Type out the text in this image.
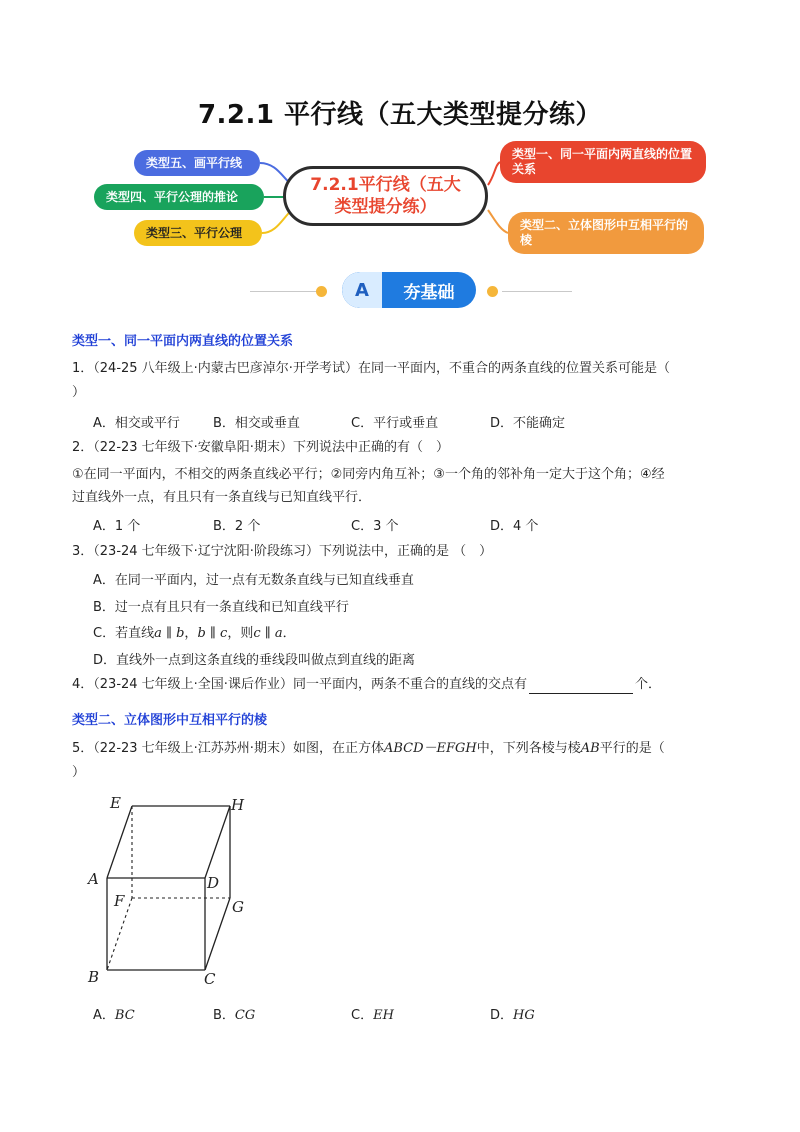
7.2.1 平行线（五大类型提分练）
类型五、画平行线
类型四、平行公理的推论
类型三、平行公理
7.2.1平行线（五大类型提分练）
类型一、同一平面内两直线的位置关系
类型二、立体图形中互相平行的棱
A	夯基础
类型一、同一平面内两直线的位置关系
1．（24-25 八年级上·内蒙古巴彦淖尔·开学考试）在同一平面内，不重合的两条直线的位置关系可能是（
）
A．相交或平行	B．相交或垂直	C．平行或垂直	D．不能确定
2．（22-23 七年级下·安徽阜阳·期末）下列说法中正确的有（　）
①在同一平面内，不相交的两条直线必平行；②同旁内角互补；③一个角的邻补角一定大于这个角；④经
过直线外一点，有且只有一条直线与已知直线平行．
A．1 个	B．2 个	C．3 个	D．4 个
3．（23-24 七年级下·辽宁沈阳·阶段练习）下列说法中，正确的是 （　）
A．在同一平面内，过一点有无数条直线与已知直线垂直
B．过一点有且只有一条直线和已知直线平行
C．若直线a ∥ b，b ∥ c，则c ∥ a．
D．直线外一点到这条直线的垂线段叫做点到直线的距离
4．（23-24 七年级上·全国·课后作业）同一平面内，两条不重合的直线的交点有	个．
类型二、立体图形中互相平行的棱
5．（22-23 七年级上·江苏苏州·期末）如图，在正方体ABCD－EFGH中，下列各棱与棱AB平行的是（
）
E	H
A	D
F	G
B	C
A．BC	B．CG	C．EH	D．HG
